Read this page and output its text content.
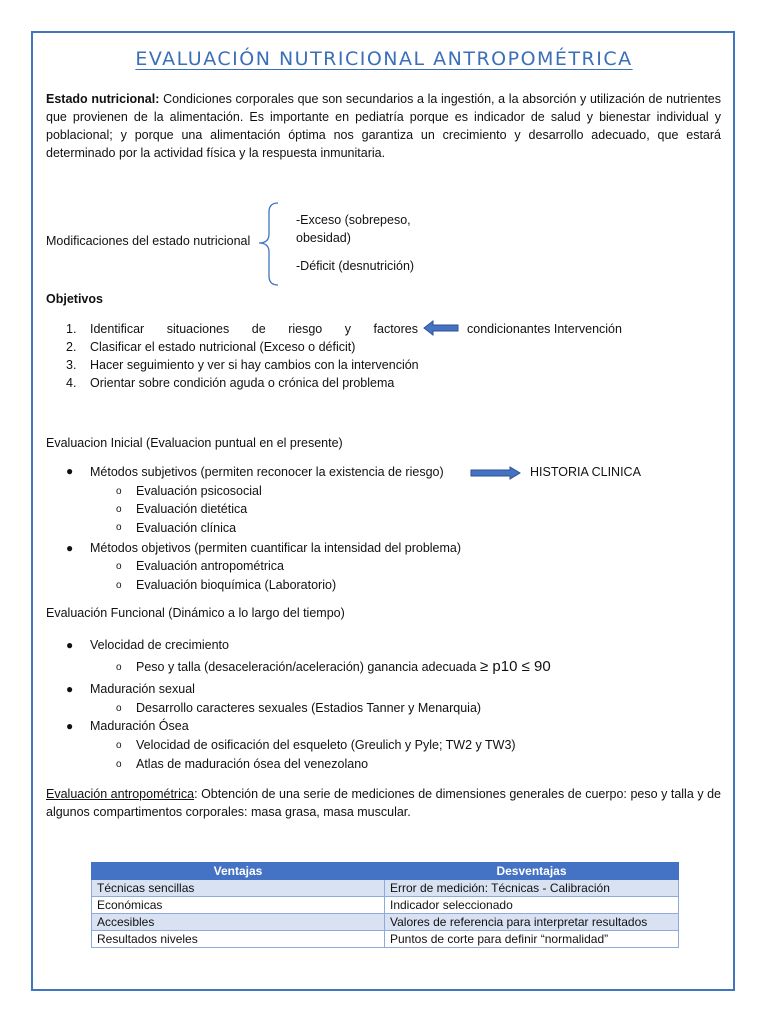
EVALUACIÓN NUTRICIONAL ANTROPOMÉTRICA
Estado nutricional: Condiciones corporales que son secundarios a la ingestión, a la absorción y utilización de nutrientes que provienen de la alimentación. Es importante en pediatría porque es indicador de salud y bienestar individual y poblacional; y porque una alimentación óptima nos garantiza un crecimiento y desarrollo adecuado, que estará determinado por la actividad física y la respuesta inmunitaria.
Modificaciones del estado nutricional
-Exceso (sobrepeso,
obesidad)
-Déficit (desnutrición)
Objetivos
1. Identificar situaciones de riesgo y factores	condicionantes Intervención
2. Clasificar el estado nutricional (Exceso o déficit)
3. Hacer seguimiento y ver si hay cambios con la intervención
4. Orientar sobre condición aguda o crónica del problema
Evaluacion Inicial (Evaluacion puntual en el presente)
● Métodos subjetivos (permiten reconocer la existencia de riesgo)	HISTORIA CLINICA
o Evaluación psicosocial
o Evaluación dietética
o Evaluación clínica
● Métodos objetivos (permiten cuantificar la intensidad del problema)
o Evaluación antropométrica
o Evaluación bioquímica (Laboratorio)
Evaluación Funcional (Dinámico a lo largo del tiempo)
● Velocidad de crecimiento
o Peso y talla (desaceleración/aceleración) ganancia adecuada ≥ p10 ≤ 90
● Maduración sexual
o Desarrollo caracteres sexuales (Estadios Tanner y Menarquia)
● Maduración Ósea
o Velocidad de osificación del esqueleto (Greulich y Pyle; TW2 y TW3)
o Atlas de maduración ósea del venezolano
Evaluación antropométrica: Obtención de una serie de mediciones de dimensiones generales de cuerpo: peso y talla y de algunos compartimentos corporales: masa grasa, masa muscular.
Ventajas	Desventajas
Técnicas sencillas	Error de medición: Técnicas - Calibración
Económicas	Indicador seleccionado
Accesibles	Valores de referencia para interpretar resultados
Resultados niveles	Puntos de corte para definir “normalidad”
